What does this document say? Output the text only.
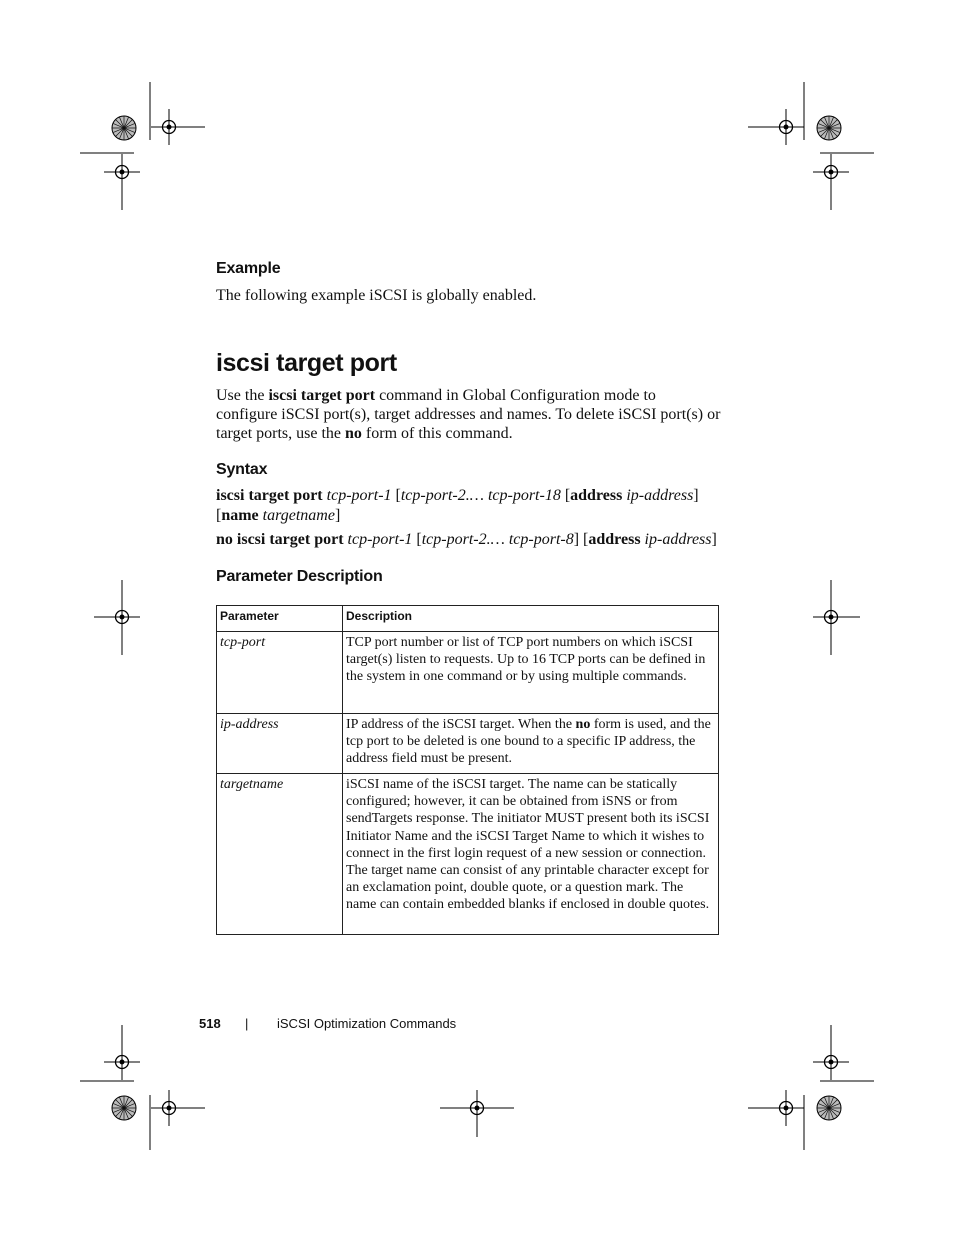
Example

The following example iSCSI is globally enabled.

iscsi target port

Use the iscsi target port command in Global Configuration mode to configure iSCSI port(s), target addresses and names. To delete iSCSI port(s) or target ports, use the no form of this command.

Syntax

iscsi target port tcp-port-1 [tcp-port-2.… tcp-port-18 [address ip-address]
[name targetname]

no iscsi target port tcp-port-1 [tcp-port-2.… tcp-port-8] [address ip-address]

Parameter Description
Parameter	Description
tcp-port	TCP port number or list of TCP port numbers on which iSCSI target(s) listen to requests. Up to 16 TCP ports can be defined in the system in one command or by using multiple commands.
ip-address	IP address of the iSCSI target. When the no form is used, and the tcp port to be deleted is one bound to a specific IP address, the address field must be present.
targetname	iSCSI name of the iSCSI target. The name can be statically configured; however, it can be obtained from iSNS or from sendTargets response. The initiator MUST present both its iSCSI Initiator Name and the iSCSI Target Name to which it wishes to connect in the first login request of a new session or connection. The target name can consist of any printable character except for an exclamation point, double quote, or a question mark. The name can contain embedded blanks if enclosed in double quotes.
518 | iSCSI Optimization Commands
